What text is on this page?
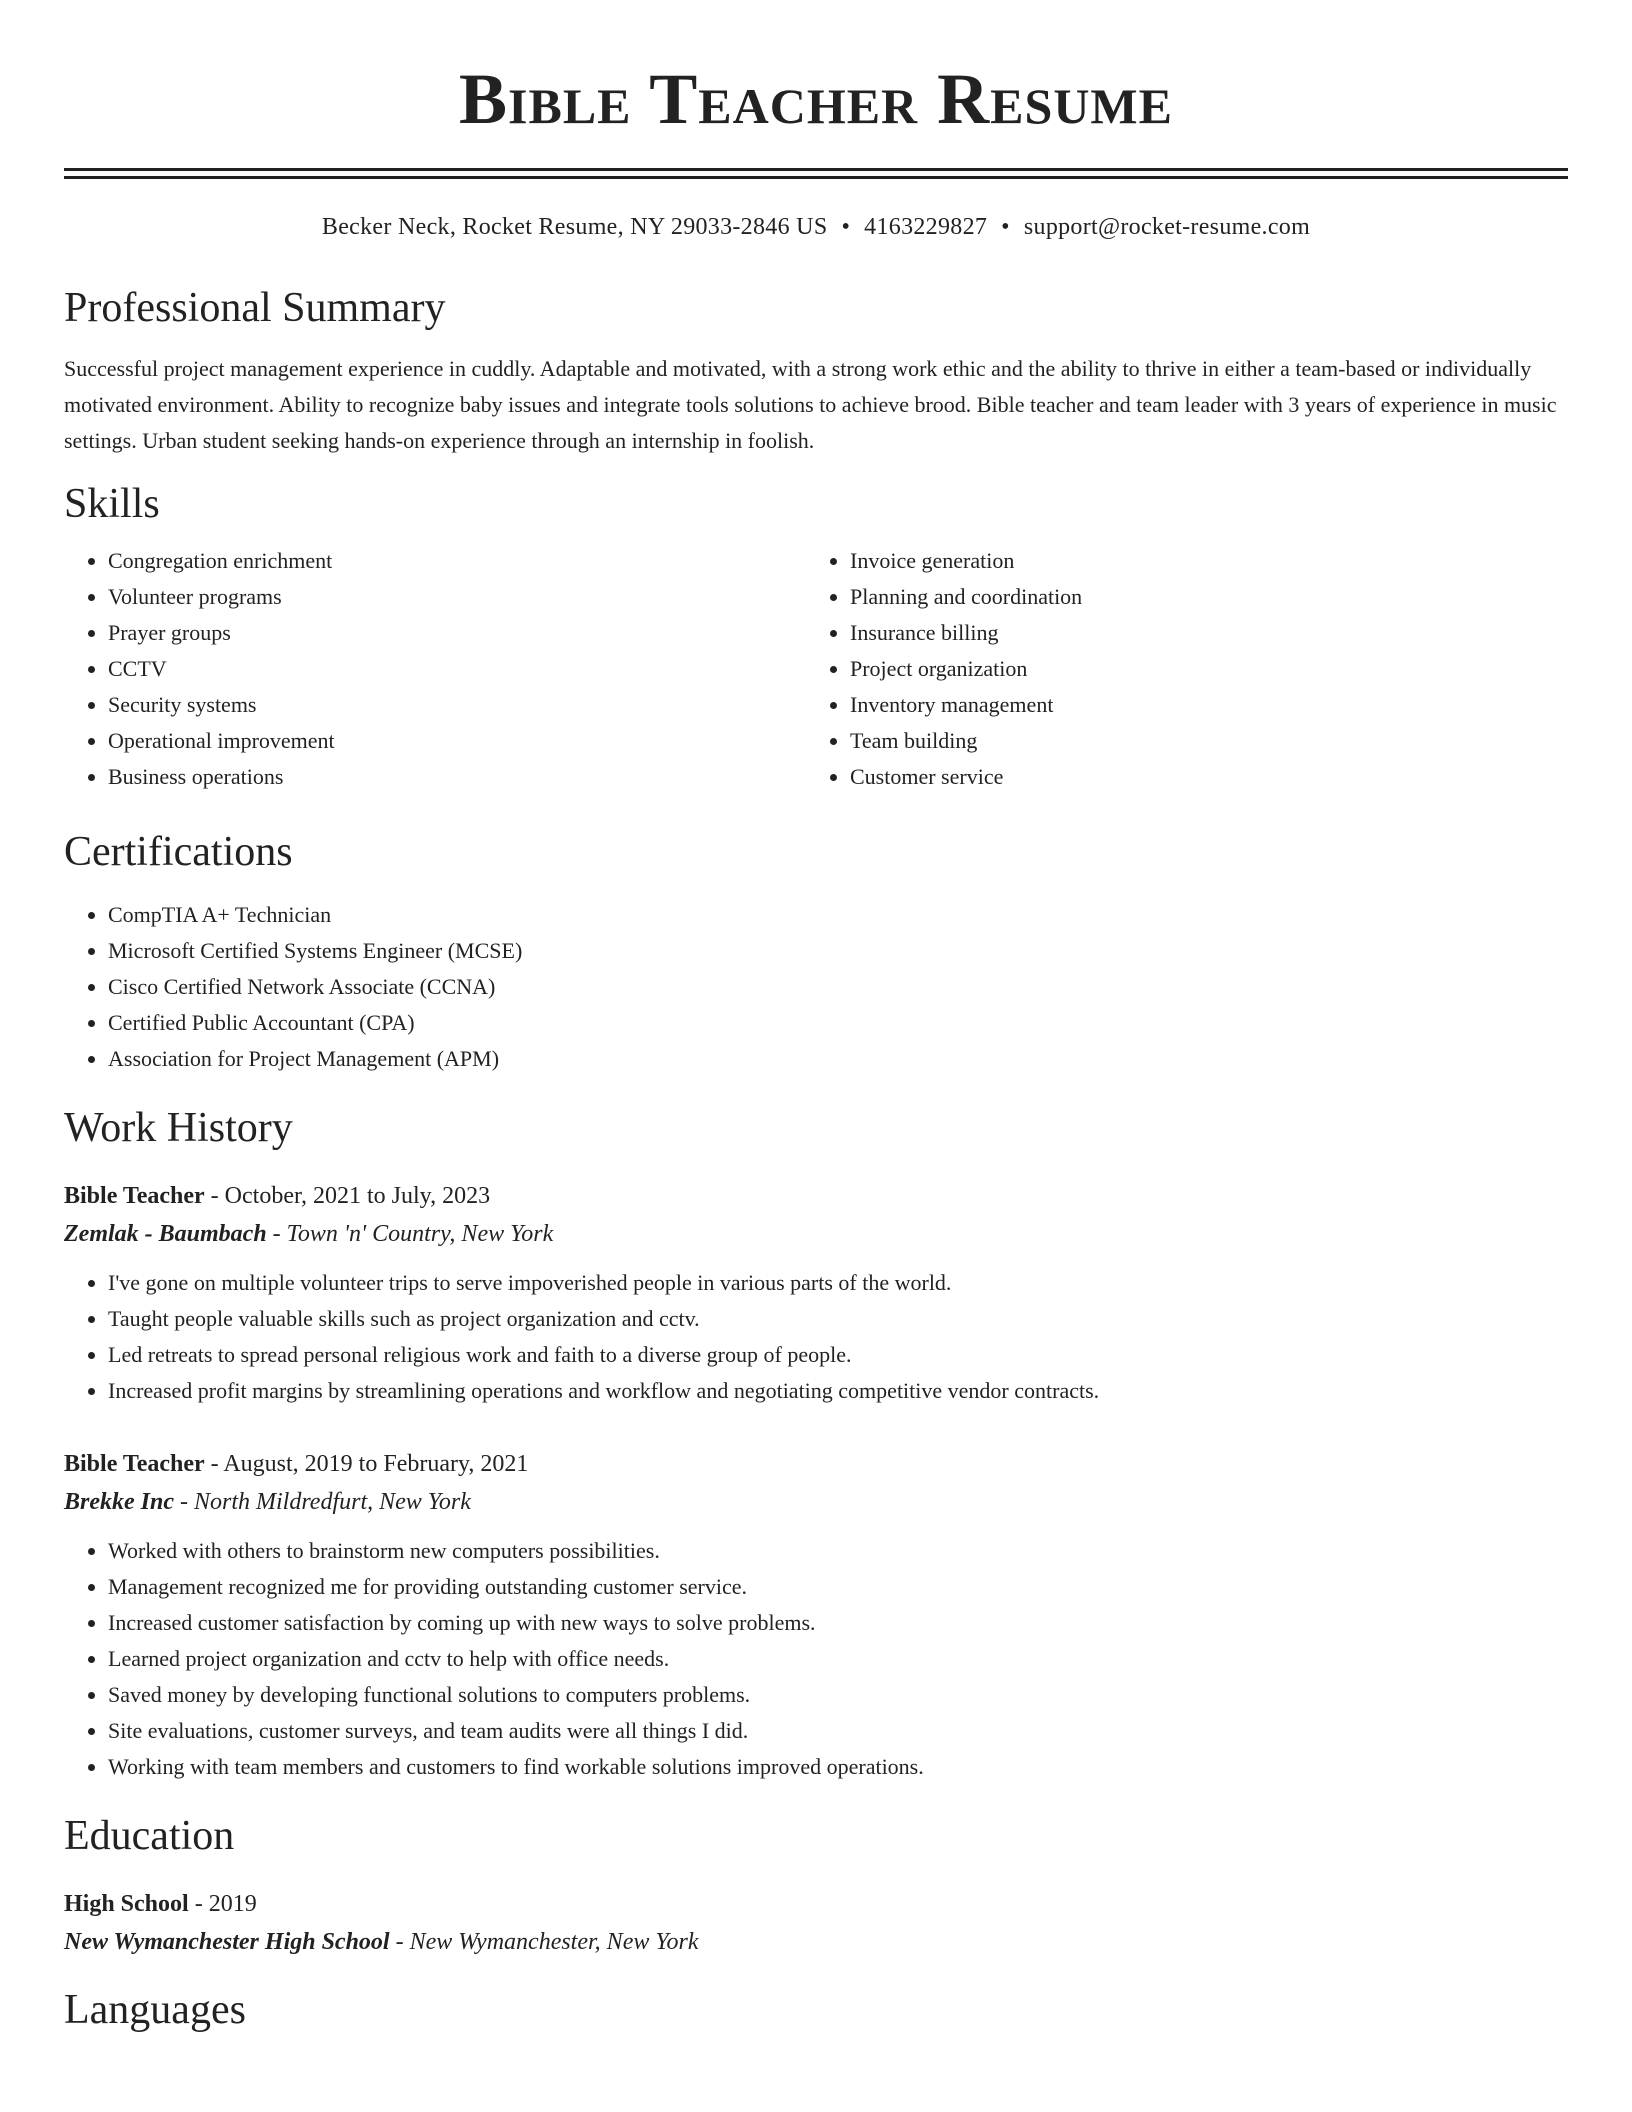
Bible Teacher Resume
Becker Neck, Rocket Resume, NY 29033-2846 US • 4163229827 • support@rocket-resume.com
Professional Summary
Successful project management experience in cuddly. Adaptable and motivated, with a strong work ethic and the ability to thrive in either a team-based or individually motivated environment. Ability to recognize baby issues and integrate tools solutions to achieve brood. Bible teacher and team leader with 3 years of experience in music settings. Urban student seeking hands-on experience through an internship in foolish.
Skills
• Congregation enrichment
• Volunteer programs
• Prayer groups
• CCTV
• Security systems
• Operational improvement
• Business operations
• Invoice generation
• Planning and coordination
• Insurance billing
• Project organization
• Inventory management
• Team building
• Customer service
Certifications
• CompTIA A+ Technician
• Microsoft Certified Systems Engineer (MCSE)
• Cisco Certified Network Associate (CCNA)
• Certified Public Accountant (CPA)
• Association for Project Management (APM)
Work History
Bible Teacher - October, 2021 to July, 2023
Zemlak - Baumbach - Town 'n' Country, New York
• I've gone on multiple volunteer trips to serve impoverished people in various parts of the world.
• Taught people valuable skills such as project organization and cctv.
• Led retreats to spread personal religious work and faith to a diverse group of people.
• Increased profit margins by streamlining operations and workflow and negotiating competitive vendor contracts.
Bible Teacher - August, 2019 to February, 2021
Brekke Inc - North Mildredfurt, New York
• Worked with others to brainstorm new computers possibilities.
• Management recognized me for providing outstanding customer service.
• Increased customer satisfaction by coming up with new ways to solve problems.
• Learned project organization and cctv to help with office needs.
• Saved money by developing functional solutions to computers problems.
• Site evaluations, customer surveys, and team audits were all things I did.
• Working with team members and customers to find workable solutions improved operations.
Education
High School - 2019
New Wymanchester High School - New Wymanchester, New York
Languages
